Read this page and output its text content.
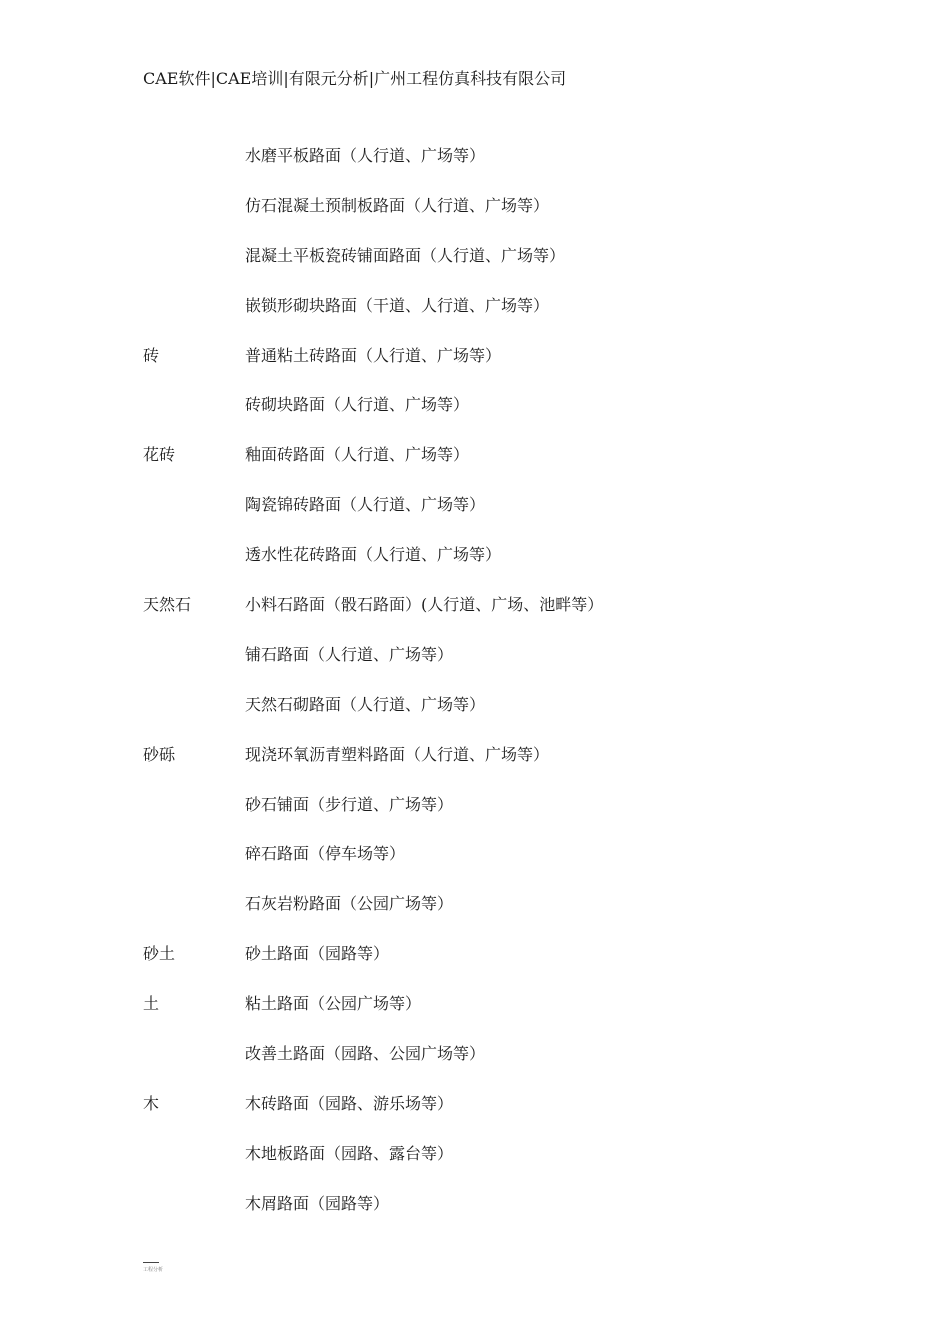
CAE软件|CAE培训|有限元分析|广州工程仿真科技有限公司
水磨平板路面（人行道、广场等）
仿石混凝土预制板路面（人行道、广场等）
混凝土平板瓷砖铺面路面（人行道、广场等）
嵌锁形砌块路面（干道、人行道、广场等）
砖	普通粘土砖路面（人行道、广场等）
砖砌块路面（人行道、广场等）
花砖	釉面砖路面（人行道、广场等）
陶瓷锦砖路面（人行道、广场等）
透水性花砖路面（人行道、广场等）
天然石	小料石路面（骰石路面）(人行道、广场、池畔等）
铺石路面（人行道、广场等）
天然石砌路面（人行道、广场等）
砂砾	现浇环氧沥青塑料路面（人行道、广场等）
砂石铺面（步行道、广场等）
碎石路面（停车场等）
石灰岩粉路面（公园广场等）
砂土	砂土路面（园路等）
土	粘土路面（公园广场等）
改善土路面（园路、公园广场等）
木	木砖路面（园路、游乐场等）
木地板路面（园路、露台等）
木屑路面（园路等）
工程分析
